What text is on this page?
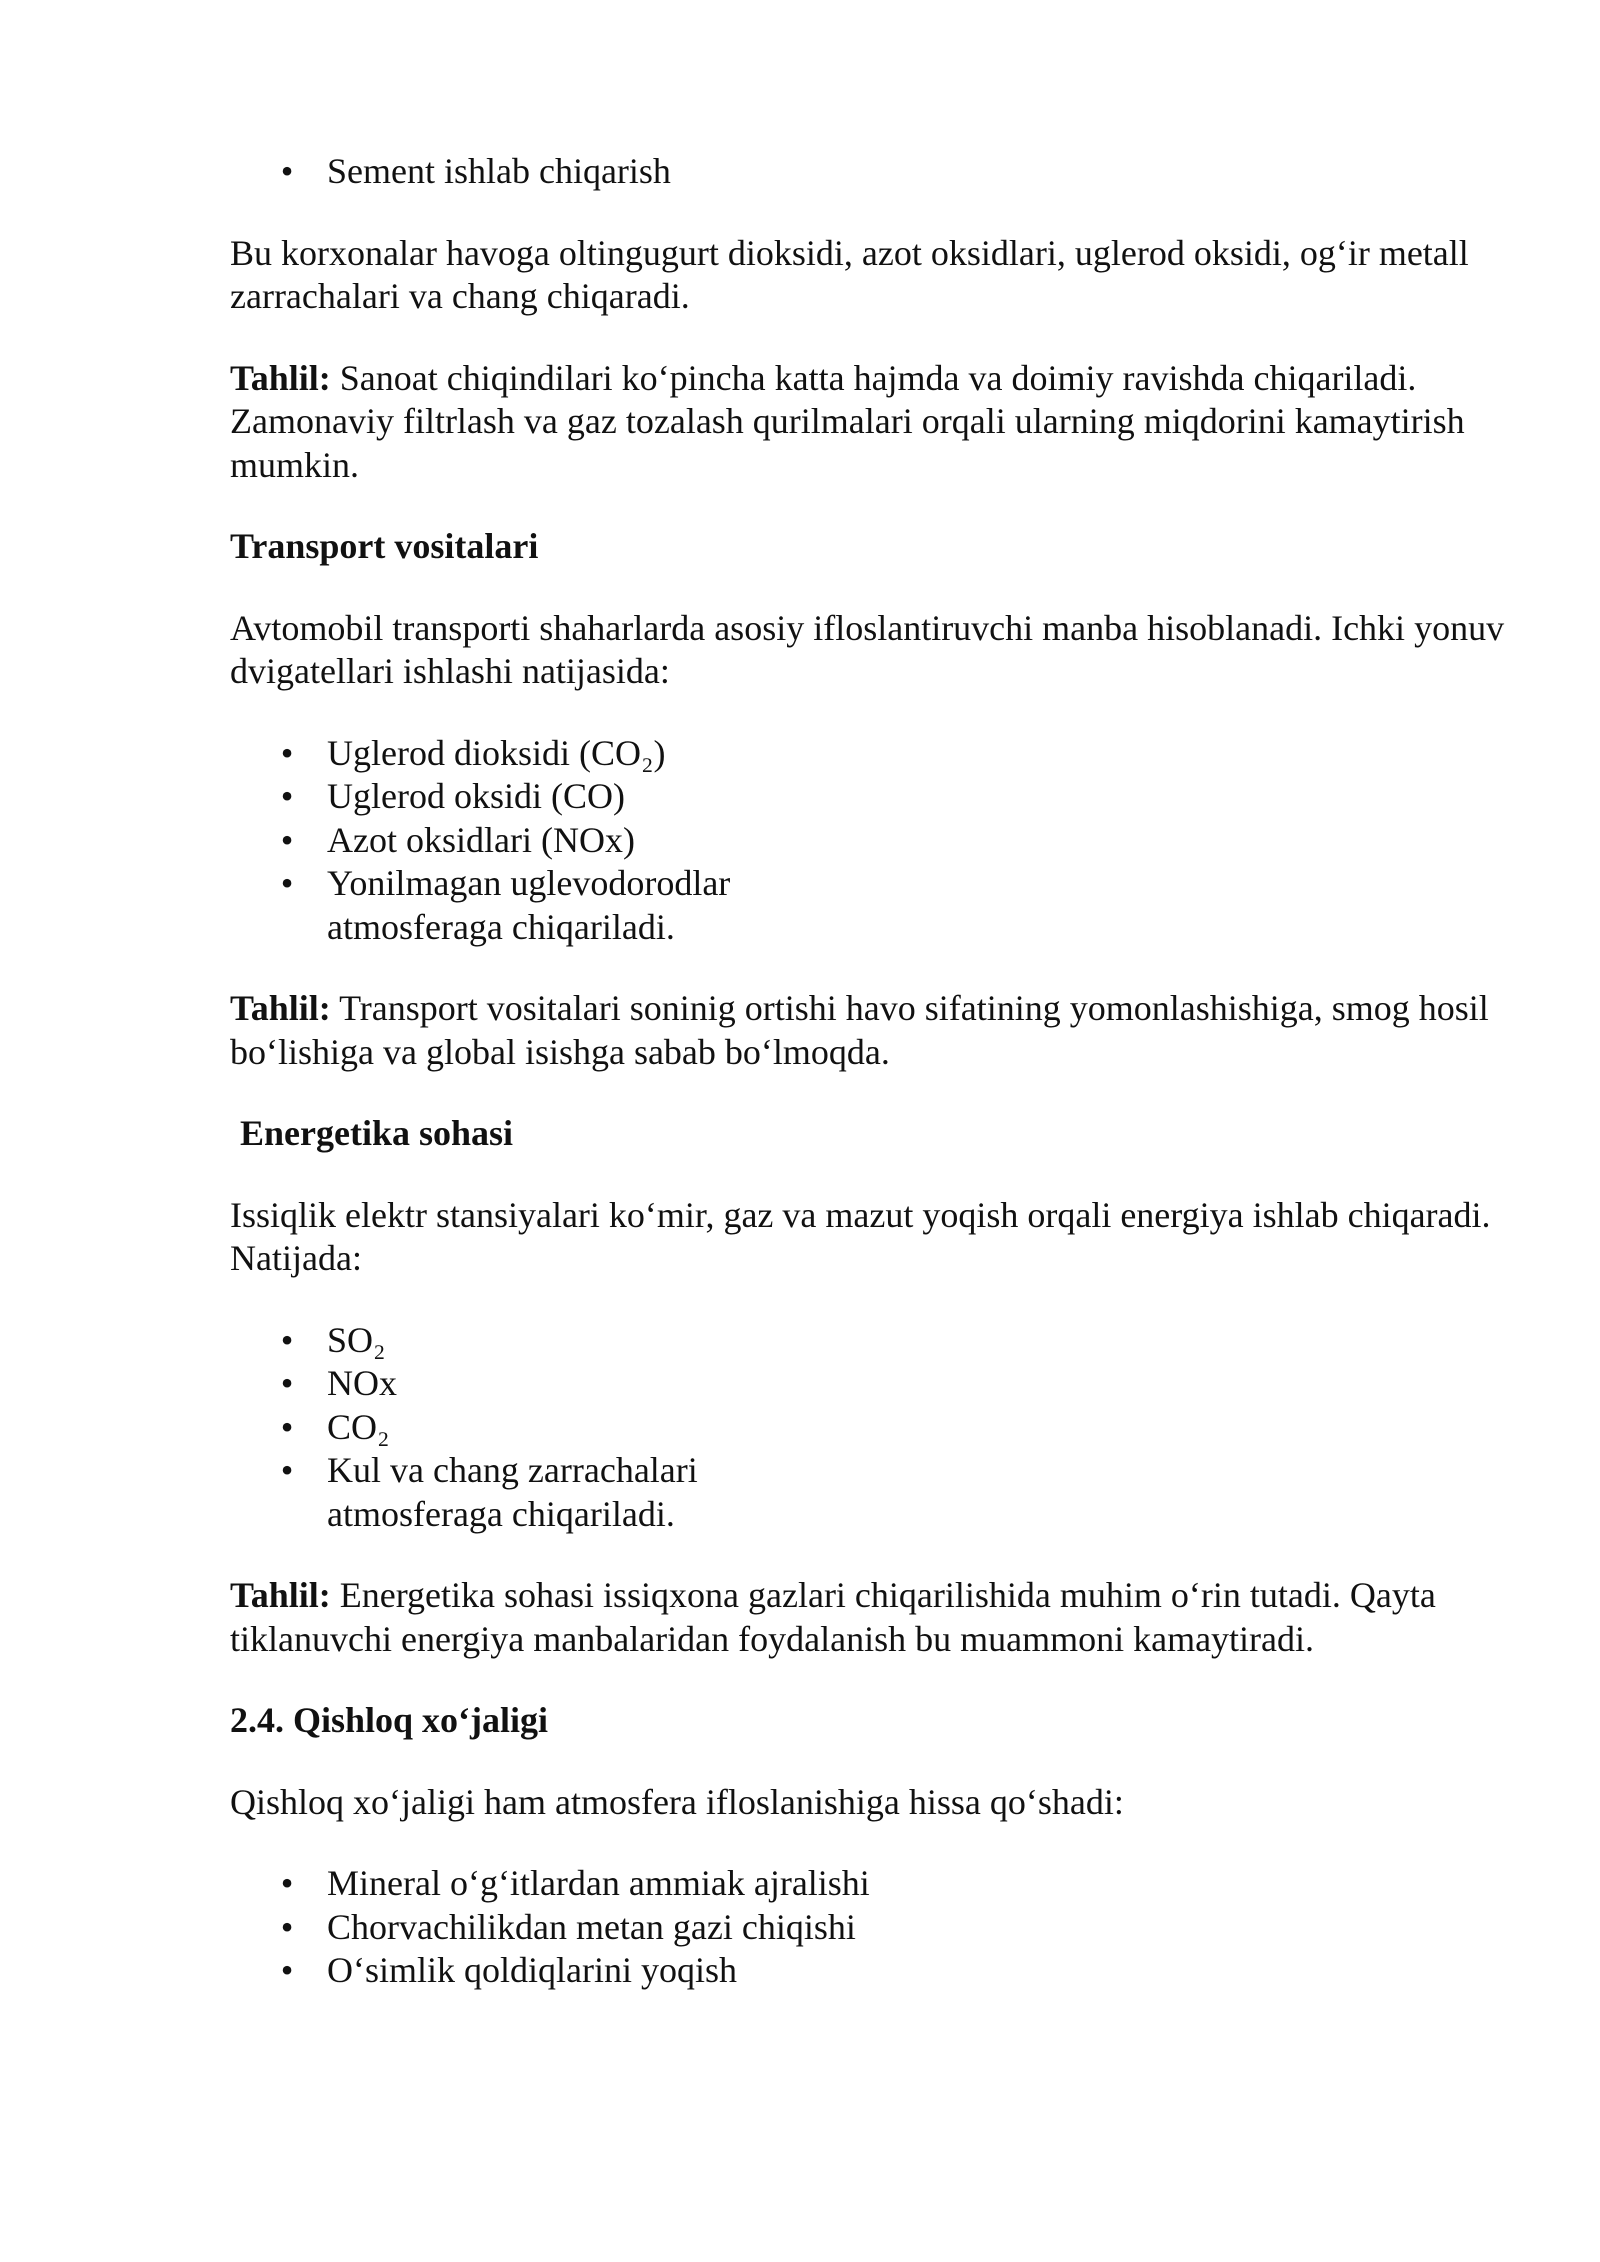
• Sement ishlab chiqarish

Bu korxonalar havoga oltingugurt dioksidi, azot oksidlari, uglerod oksidi, og‘ir metall zarrachalari va chang chiqaradi.

Tahlil: Sanoat chiqindilari ko‘pincha katta hajmda va doimiy ravishda chiqariladi. Zamonaviy filtrlash va gaz tozalash qurilmalari orqali ularning miqdorini kamaytirish mumkin.

Transport vositalari

Avtomobil transporti shaharlarda asosiy ifloslantiruvchi manba hisoblanadi. Ichki yonuv dvigatellari ishlashi natijasida:

• Uglerod dioksidi (CO₂)
• Uglerod oksidi (CO)
• Azot oksidlari (NOx)
• Yonilmagan uglevodorodlar
atmosferaga chiqariladi.

Tahlil: Transport vositalari soninig ortishi havo sifatining yomonlashishiga, smog hosil bo‘lishiga va global isishga sabab bo‘lmoqda.

Energetika sohasi

Issiqlik elektr stansiyalari ko‘mir, gaz va mazut yoqish orqali energiya ishlab chiqaradi. Natijada:

• SO₂
• NOx
• CO₂
• Kul va chang zarrachalari
atmosferaga chiqariladi.

Tahlil: Energetika sohasi issiqxona gazlari chiqarilishida muhim o‘rin tutadi. Qayta tiklanuvchi energiya manbalaridan foydalanish bu muammoni kamaytiradi.

2.4. Qishloq xo‘jaligi

Qishloq xo‘jaligi ham atmosfera ifloslanishiga hissa qo‘shadi:

• Mineral o‘g‘itlardan ammiak ajralishi
• Chorvachilikdan metan gazi chiqishi
• O‘simlik qoldiqlarini yoqish
